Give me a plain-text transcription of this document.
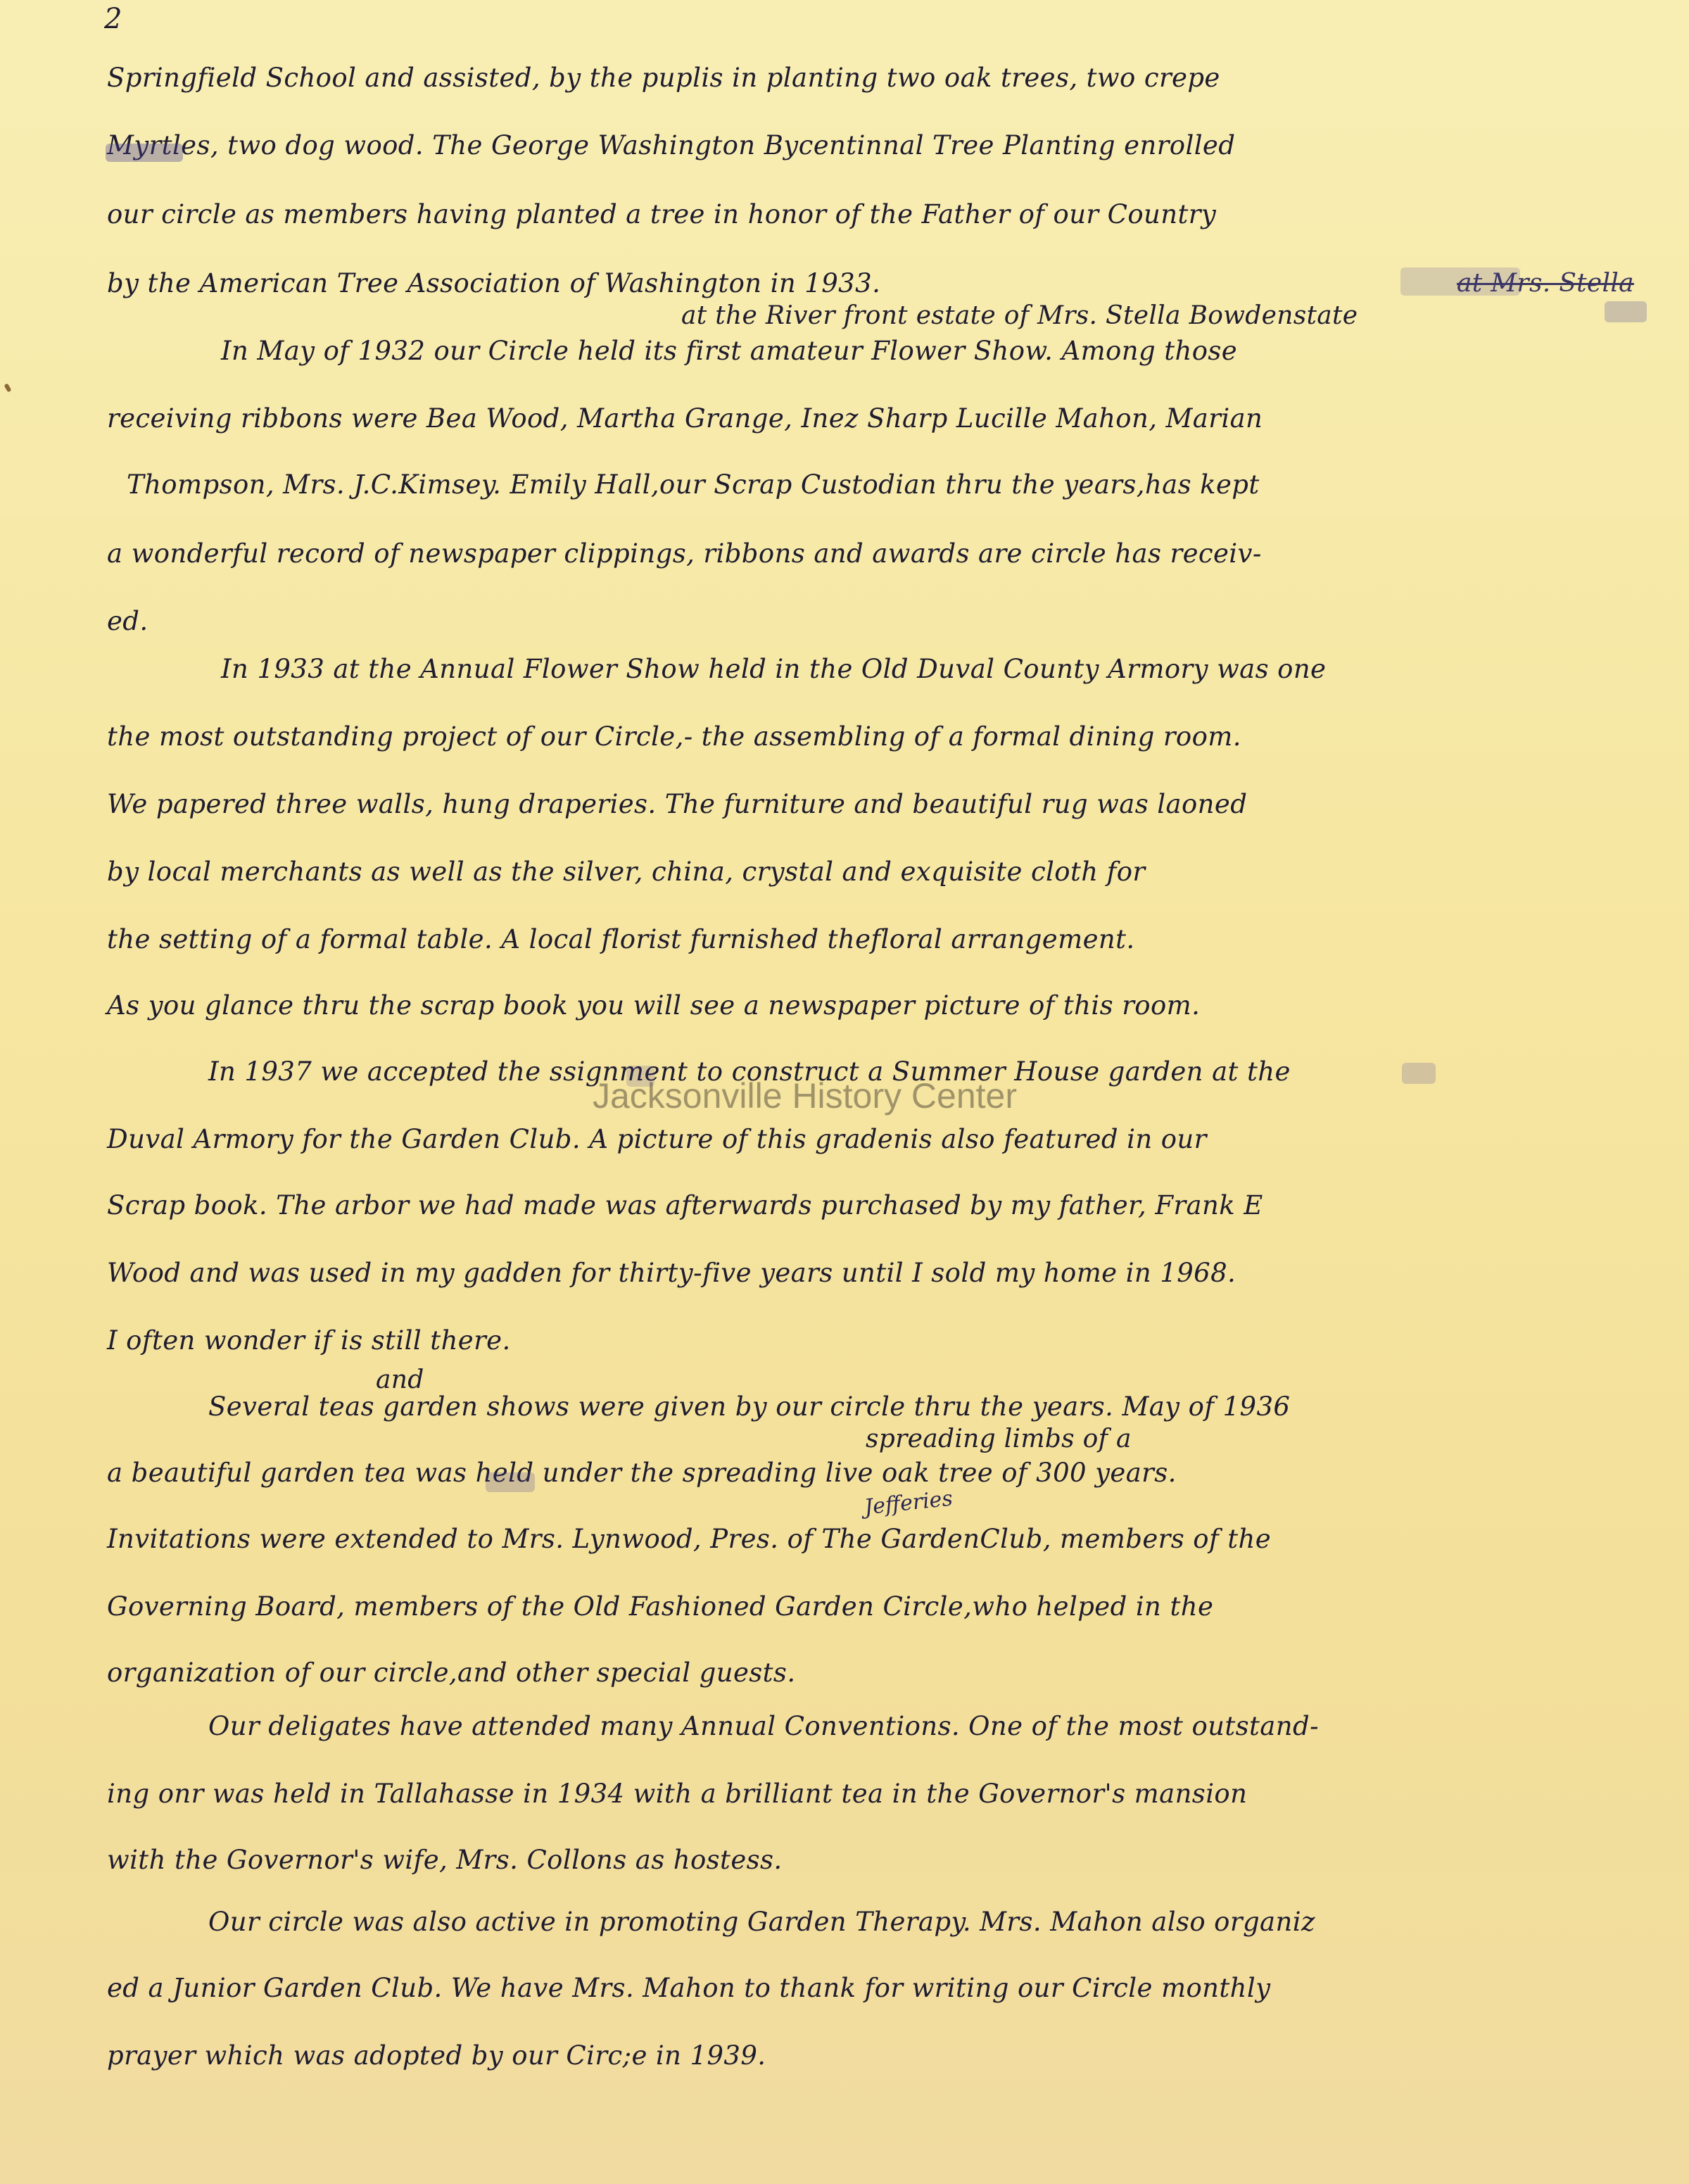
2

Springfield School and assisted, by the puplis in planting two oak trees, two crepe

Myrtles, two dog wood. The George Washington Bycentinnal Tree Planting enrolled

our circle as members having planted a tree in honor of the Father of our Country

by the American Tree Association of Washington in 1933.	at Mrs. Stella

at the River front estate of Mrs. Stella Bowdenstate

In May of 1932 our Circle held its first amateur Flower Show. Among those

receiving ribbons were Bea Wood, Martha Grange, Inez Sharp Lucille Mahon, Marian

Thompson, Mrs. J.C.Kimsey. Emily Hall,our Scrap Custodian thru the years,has kept

a wonderful record of newspaper clippings, ribbons and awards are circle has receiv-

ed.

In 1933 at the Annual Flower Show held in the Old Duval County Armory was one

the most outstanding project of our Circle,- the assembling of a formal dining room.

We papered three walls, hung draperies. The furniture and beautiful rug was laoned

by local merchants as well as the silver, china, crystal and exquisite cloth for

the setting of a formal table. A local florist furnished thefloral arrangement.

As you glance thru the scrap book you will see a newspaper picture of this room.

In 1937 we accepted the ssignment to construct a Summer House garden at the

Jacksonville History Center

Duval Armory for the Garden Club. A picture of this gradenis also featured in our

Scrap book. The arbor we had made was afterwards purchased by my father, Frank E

Wood and was used in my gadden for thirty-five years until I sold my home in 1968.

I often wonder if is still there.

and

Several teas garden shows were given by our circle thru the years. May of 1936

spreading limbs of a

a beautiful garden tea was held under the spreading live oak tree of 300 years.

Jefferies

Invitations were extended to Mrs. Lynwood, Pres. of The GardenClub, members of the

Governing Board, members of the Old Fashioned Garden Circle,who helped in the

organization of our circle,and other special guests.

Our deligates have attended many Annual Conventions. One of the most outstand-

ing onr was held in Tallahasse in 1934 with a brilliant tea in the Governor's mansion

with the Governor's wife, Mrs. Collons as hostess.

Our circle was also active in promoting Garden Therapy. Mrs. Mahon also organiz

ed a Junior Garden Club. We have Mrs. Mahon to thank for writing our Circle monthly

prayer which was adopted by our Circ;e in 1939.
